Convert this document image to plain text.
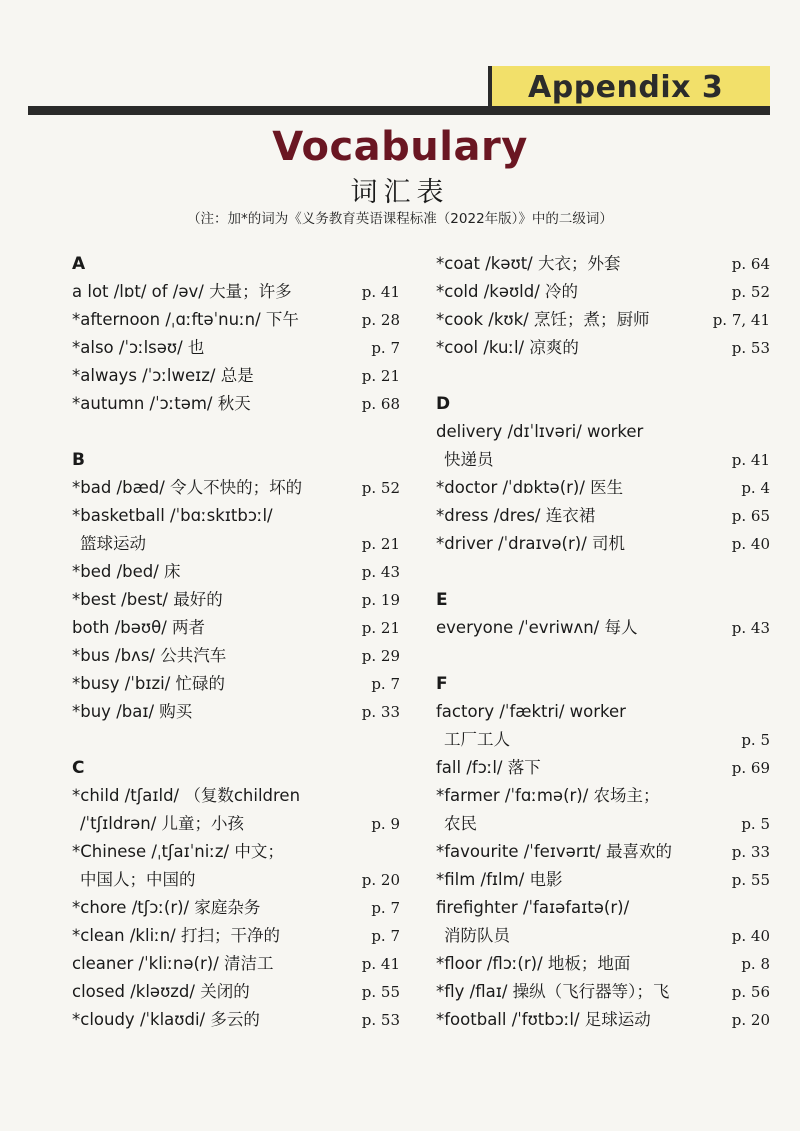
Appendix 3
Vocabulary
词汇表
（注：加*的词为《义务教育英语课程标准（2022年版）》中的二级词）
A
a lot /lɒt/ of /əv/ 大量；许多	p. 41
*afternoon /ˌɑːftəˈnuːn/ 下午	p. 28
*also /ˈɔːlsəʊ/ 也	p. 7
*always /ˈɔːlweɪz/ 总是	p. 21
*autumn /ˈɔːtəm/ 秋天	p. 68
B
*bad /bæd/ 令人不快的；坏的	p. 52
*basketball /ˈbɑːskɪtbɔːl/
篮球运动	p. 21
*bed /bed/ 床	p. 43
*best /best/ 最好的	p. 19
both /bəʊθ/ 两者	p. 21
*bus /bʌs/ 公共汽车	p. 29
*busy /ˈbɪzi/ 忙碌的	p. 7
*buy /baɪ/ 购买	p. 33
C
*child /tʃaɪld/ （复数children
/ˈtʃɪldrən/ 儿童；小孩	p. 9
*Chinese /ˌtʃaɪˈniːz/ 中文；
中国人；中国的	p. 20
*chore /tʃɔː(r)/ 家庭杂务	p. 7
*clean /kliːn/ 打扫；干净的	p. 7
cleaner /ˈkliːnə(r)/ 清洁工	p. 41
closed /kləʊzd/ 关闭的	p. 55
*cloudy /ˈklaʊdi/ 多云的	p. 53
*coat /kəʊt/ 大衣；外套	p. 64
*cold /kəʊld/ 冷的	p. 52
*cook /kʊk/ 烹饪；煮；厨师	p. 7, 41
*cool /kuːl/ 凉爽的	p. 53
D
delivery /dɪˈlɪvəri/ worker
快递员	p. 41
*doctor /ˈdɒktə(r)/ 医生	p. 4
*dress /dres/ 连衣裙	p. 65
*driver /ˈdraɪvə(r)/ 司机	p. 40
E
everyone /ˈevriwʌn/ 每人	p. 43
F
factory /ˈfæktri/ worker
工厂工人	p. 5
fall /fɔːl/ 落下	p. 69
*farmer /ˈfɑːmə(r)/ 农场主；
农民	p. 5
*favourite /ˈfeɪvərɪt/ 最喜欢的	p. 33
*film /fɪlm/ 电影	p. 55
firefighter /ˈfaɪəfaɪtə(r)/
消防队员	p. 40
*floor /flɔː(r)/ 地板；地面	p. 8
*fly /flaɪ/ 操纵（飞行器等）；飞	p. 56
*football /ˈfʊtbɔːl/ 足球运动	p. 20
